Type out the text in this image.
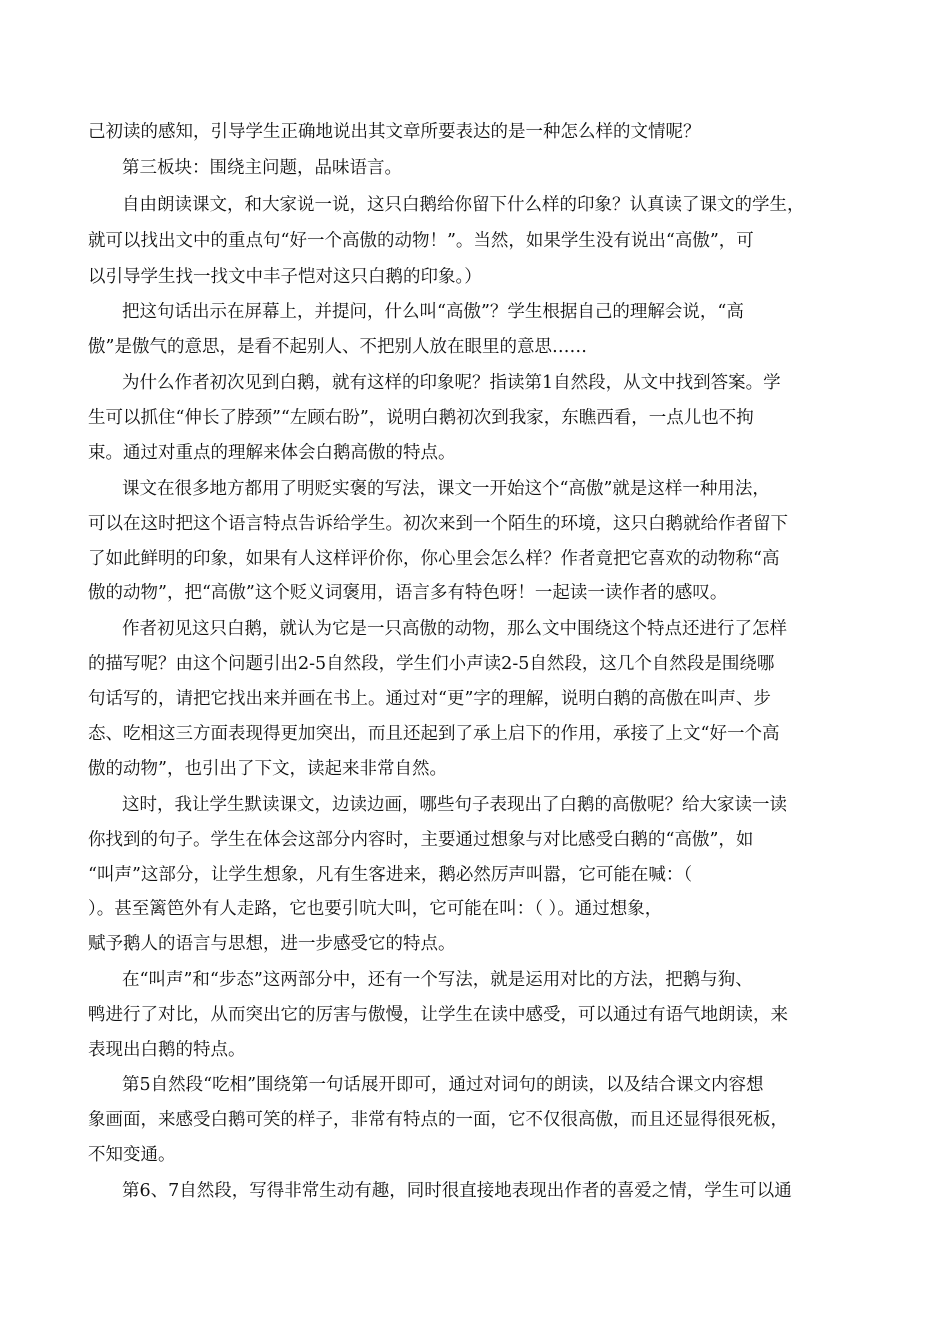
己初读的感知，引导学生正确地说出其文章所要表达的是一种怎么样的文情呢？
第三板块：围绕主问题，品味语言。
自由朗读课文，和大家说一说，这只白鹅给你留下什么样的印象？认真读了课文的学生，
就可以找出文中的重点句“好一个高傲的动物！”。当然，如果学生没有说出“高傲”，可
以引导学生找一找文中丰子恺对这只白鹅的印象。）
把这句话出示在屏幕上，并提问，什么叫“高傲”？学生根据自己的理解会说，“高
傲”是傲气的意思，是看不起别人、不把别人放在眼里的意思……
为什么作者初次见到白鹅，就有这样的印象呢？指读第1自然段，从文中找到答案。学
生可以抓住“伸长了脖颈”“左顾右盼”，说明白鹅初次到我家，东瞧西看，一点儿也不拘
束。通过对重点的理解来体会白鹅高傲的特点。
课文在很多地方都用了明贬实褒的写法，课文一开始这个“高傲”就是这样一种用法，
可以在这时把这个语言特点告诉给学生。初次来到一个陌生的环境，这只白鹅就给作者留下
了如此鲜明的印象，如果有人这样评价你，你心里会怎么样？作者竟把它喜欢的动物称“高
傲的动物”，把“高傲”这个贬义词褒用，语言多有特色呀！一起读一读作者的感叹。
作者初见这只白鹅，就认为它是一只高傲的动物，那么文中围绕这个特点还进行了怎样
的描写呢？由这个问题引出2-5自然段，学生们小声读2-5自然段，这几个自然段是围绕哪
句话写的，请把它找出来并画在书上。通过对“更”字的理解，说明白鹅的高傲在叫声、步
态、吃相这三方面表现得更加突出，而且还起到了承上启下的作用，承接了上文“好一个高
傲的动物”，也引出了下文，读起来非常自然。
这时，我让学生默读课文，边读边画，哪些句子表现出了白鹅的高傲呢？给大家读一读
你找到的句子。学生在体会这部分内容时，主要通过想象与对比感受白鹅的“高傲”，如
“叫声”这部分，让学生想象，凡有生客进来，鹅必然厉声叫嚣，它可能在喊：（
）。甚至篱笆外有人走路，它也要引吭大叫，它可能在叫：（ ）。通过想象，
赋予鹅人的语言与思想，进一步感受它的特点。
在“叫声”和“步态”这两部分中，还有一个写法，就是运用对比的方法，把鹅与狗、
鸭进行了对比，从而突出它的厉害与傲慢，让学生在读中感受，可以通过有语气地朗读，来
表现出白鹅的特点。
第5自然段“吃相”围绕第一句话展开即可，通过对词句的朗读，以及结合课文内容想
象画面，来感受白鹅可笑的样子，非常有特点的一面，它不仅很高傲，而且还显得很死板，
不知变通。
第6、7自然段，写得非常生动有趣，同时很直接地表现出作者的喜爱之情，学生可以通
